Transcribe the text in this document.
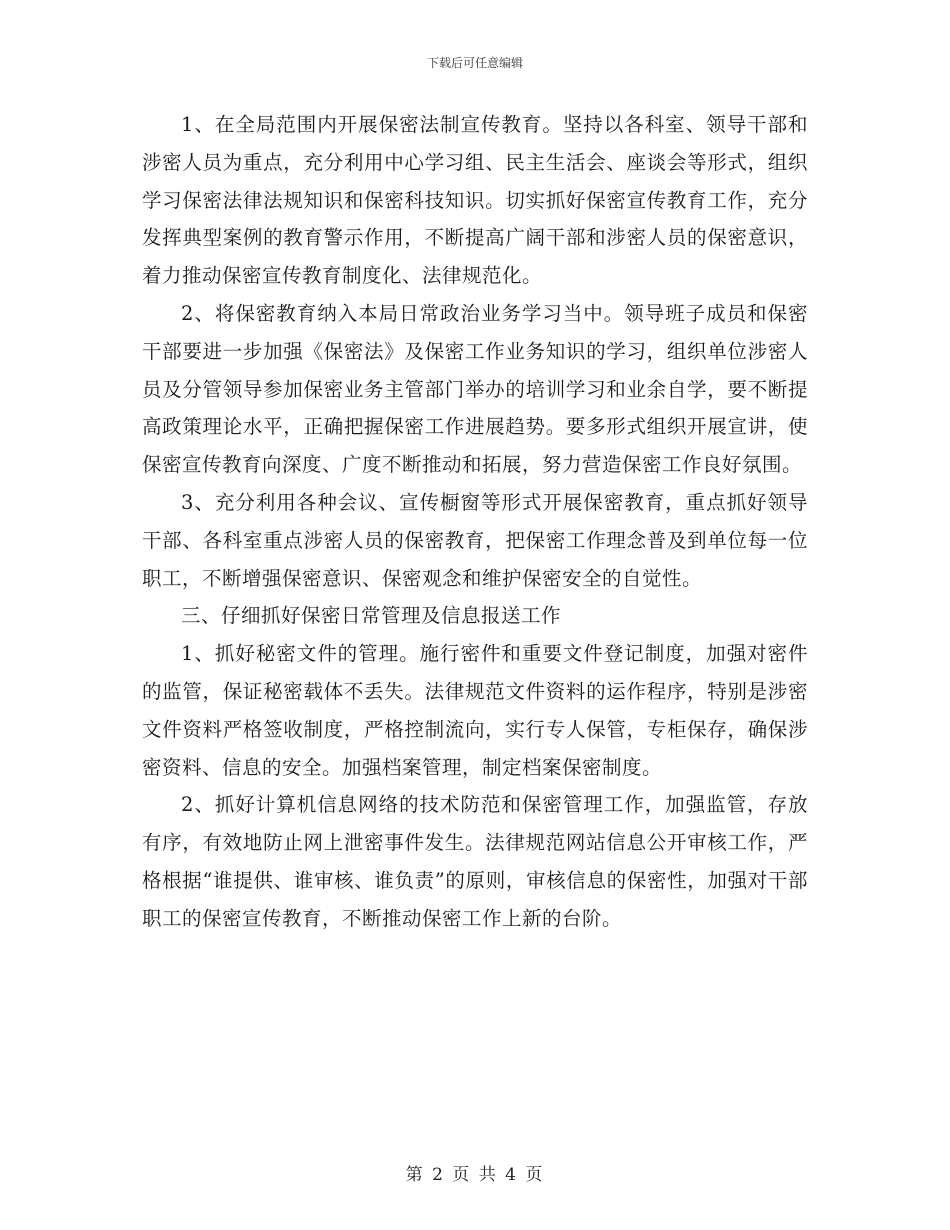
下载后可任意编辑

1、在全局范围内开展保密法制宣传教育。坚持以各科室、领导干部和涉密人员为重点，充分利用中心学习组、民主生活会、座谈会等形式，组织学习保密法律法规知识和保密科技知识。切实抓好保密宣传教育工作，充分发挥典型案例的教育警示作用，不断提高广阔干部和涉密人员的保密意识，着力推动保密宣传教育制度化、法律规范化。

2、将保密教育纳入本局日常政治业务学习当中。领导班子成员和保密干部要进一步加强《保密法》及保密工作业务知识的学习，组织单位涉密人员及分管领导参加保密业务主管部门举办的培训学习和业余自学，要不断提高政策理论水平，正确把握保密工作进展趋势。要多形式组织开展宣讲，使保密宣传教育向深度、广度不断推动和拓展，努力营造保密工作良好氛围。

3、充分利用各种会议、宣传橱窗等形式开展保密教育，重点抓好领导干部、各科室重点涉密人员的保密教育，把保密工作理念普及到单位每一位职工，不断增强保密意识、保密观念和维护保密安全的自觉性。

三、仔细抓好保密日常管理及信息报送工作

1、抓好秘密文件的管理。施行密件和重要文件登记制度，加强对密件的监管，保证秘密载体不丢失。法律规范文件资料的运作程序，特别是涉密文件资料严格签收制度，严格控制流向，实行专人保管，专柜保存，确保涉密资料、信息的安全。加强档案管理，制定档案保密制度。

2、抓好计算机信息网络的技术防范和保密管理工作，加强监管，存放有序，有效地防止网上泄密事件发生。法律规范网站信息公开审核工作，严格根据“谁提供、谁审核、谁负责”的原则，审核信息的保密性，加强对干部职工的保密宣传教育，不断推动保密工作上新的台阶。

第 2 页 共 4 页
